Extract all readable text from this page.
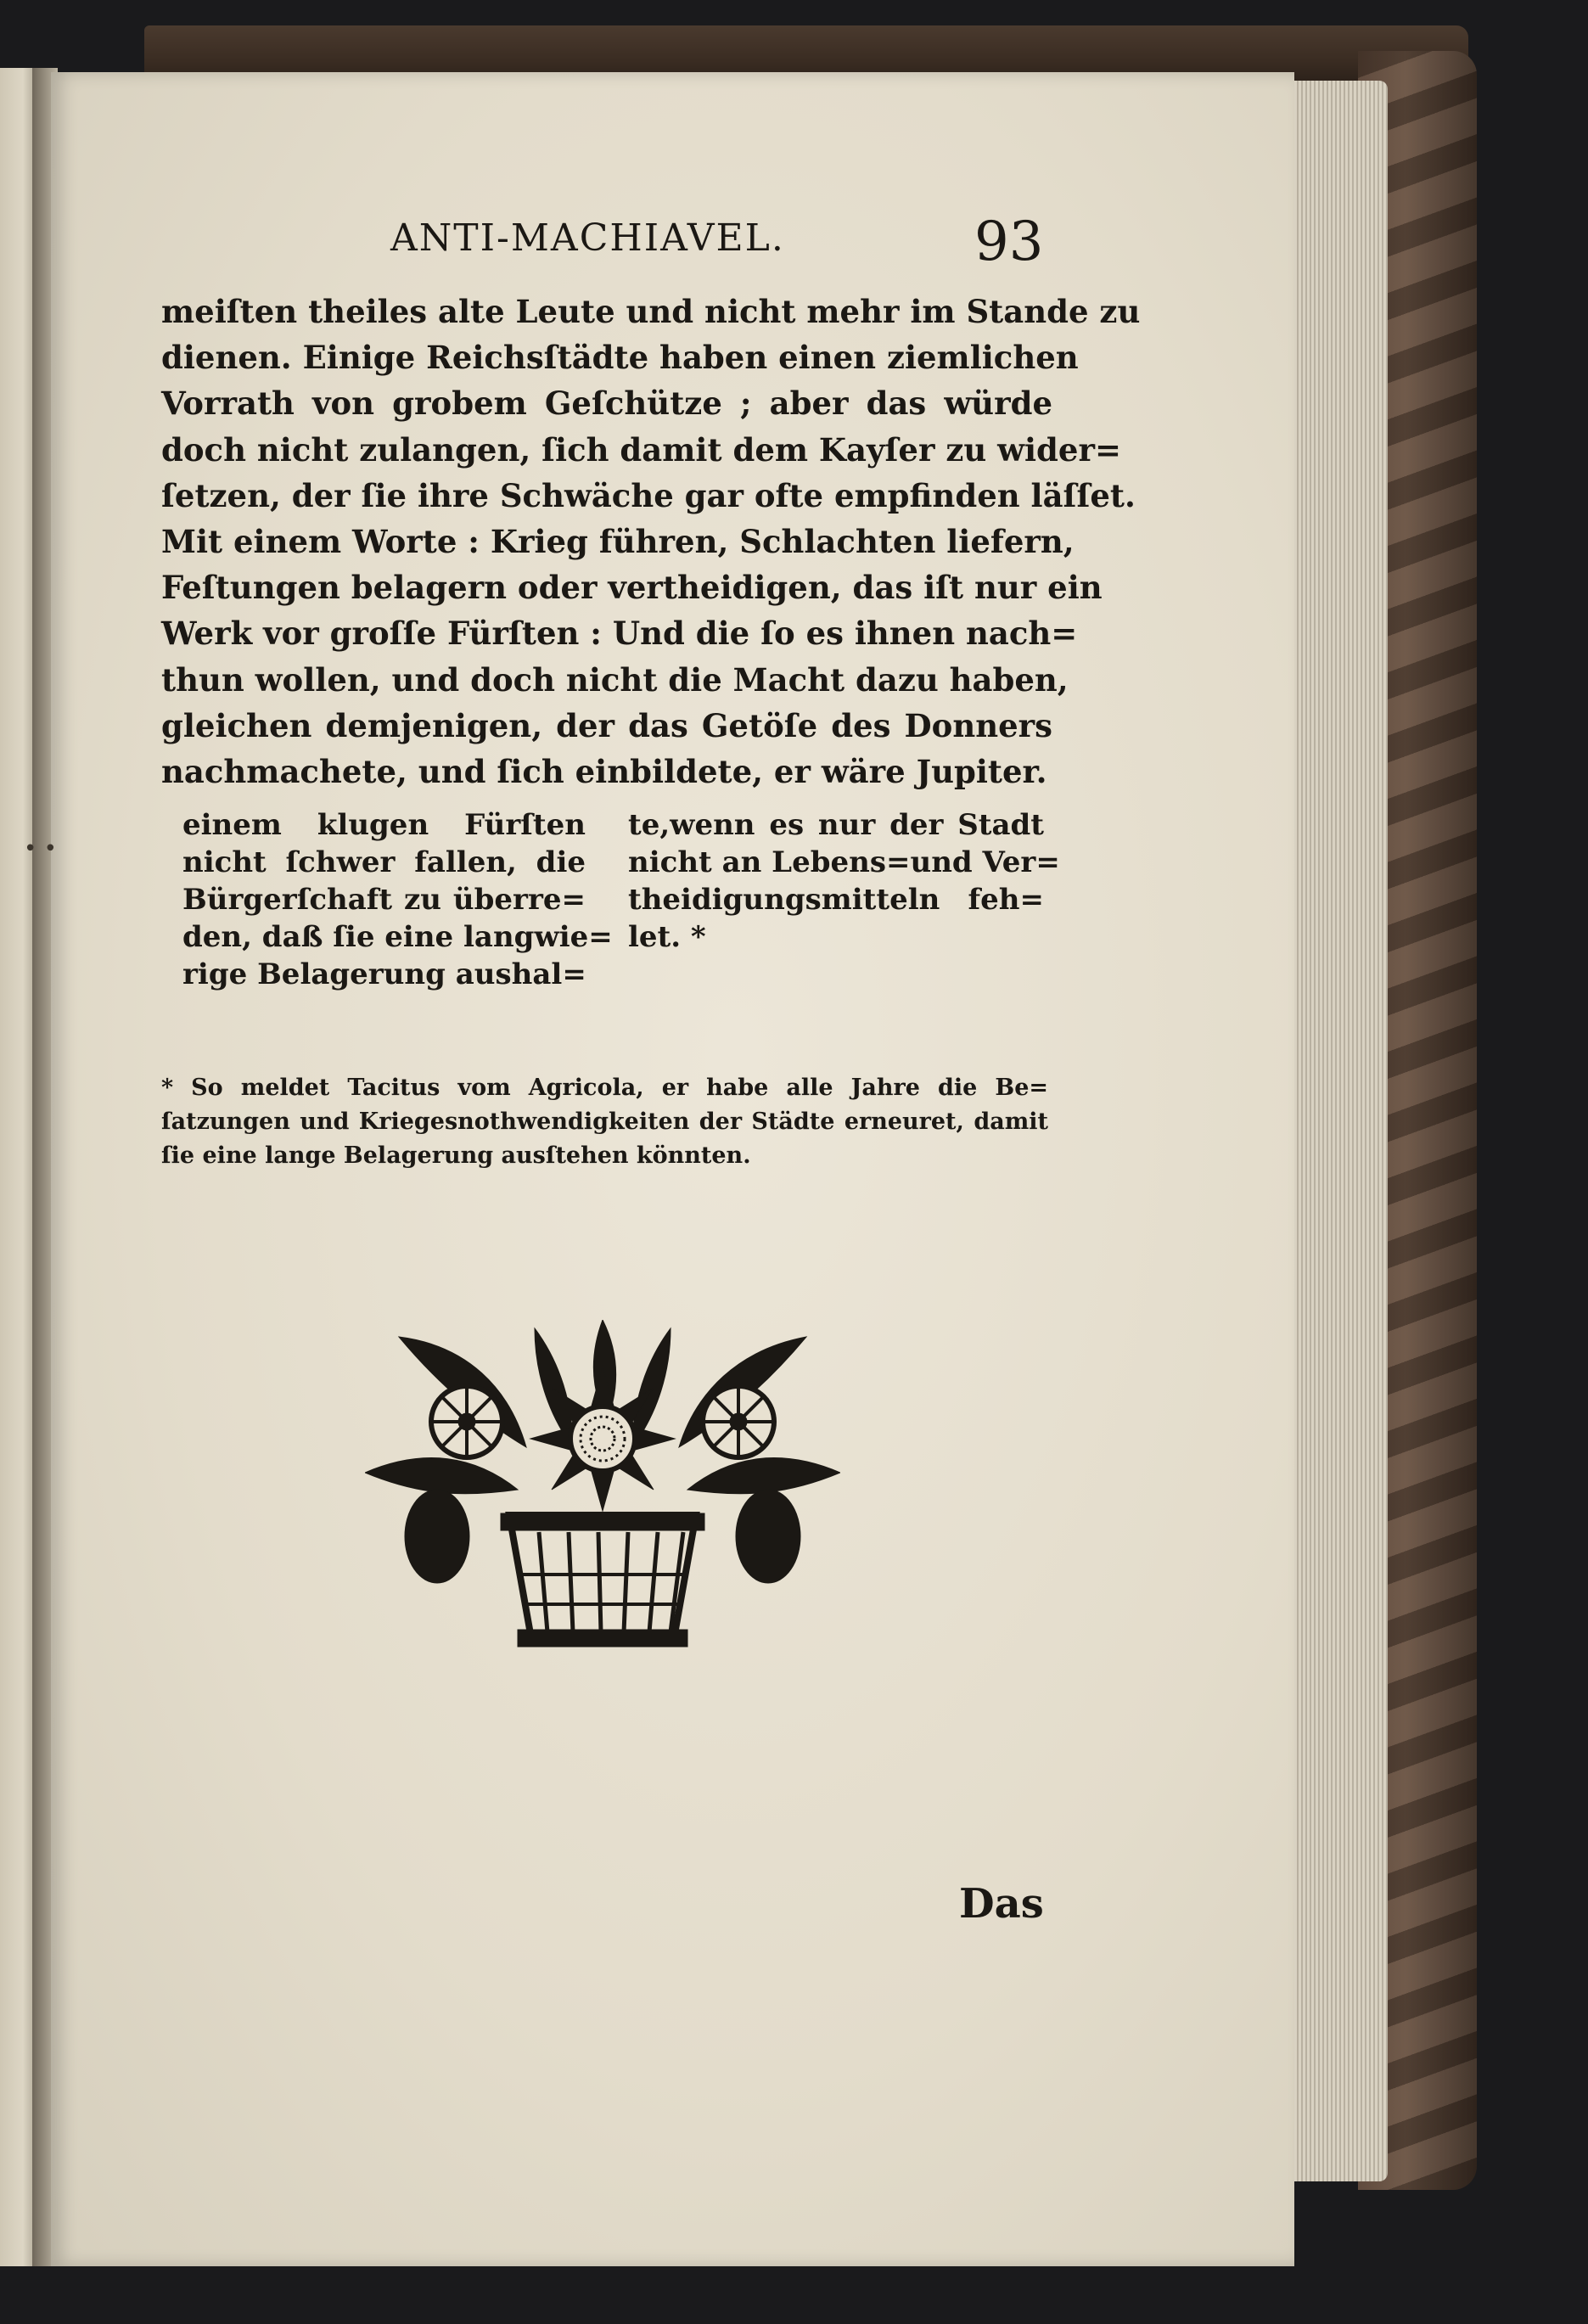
• •
ANTI-MACHIAVEL.	93
meiſten theiles alte Leute und nicht mehr im Stande zu
dienen. Einige Reichsſtädte haben einen ziemlichen
Vorrath von grobem Geſchütze ; aber das würde
doch nicht zulangen, ſich damit dem Kayſer zu wider=
ſetzen, der ſie ihre Schwäche gar ofte empfinden läſſet.
Mit einem Worte : Krieg führen, Schlachten liefern,
Feſtungen belagern oder vertheidigen, das iſt nur ein
Werk vor groſſe Fürſten : Und die ſo es ihnen nach=
thun wollen, und doch nicht die Macht dazu haben,
gleichen demjenigen, der das Getöſe des Donners
nachmachete, und ſich einbildete, er wäre Jupiter.
einem klugen Fürſten
nicht ſchwer fallen, die
Bürgerſchaft zu überre=
den, daß ſie eine langwie=
rige Belagerung aushal=
te,wenn es nur der Stadt
nicht an Lebens=und Ver=
theidigungsmitteln feh=
let. *
* So meldet Tacitus vom Agricola, er habe alle Jahre die Be=
ſatzungen und Kriegesnothwendigkeiten der Städte erneuret, damit
ſie eine lange Belagerung ausſtehen könnten.
Das
